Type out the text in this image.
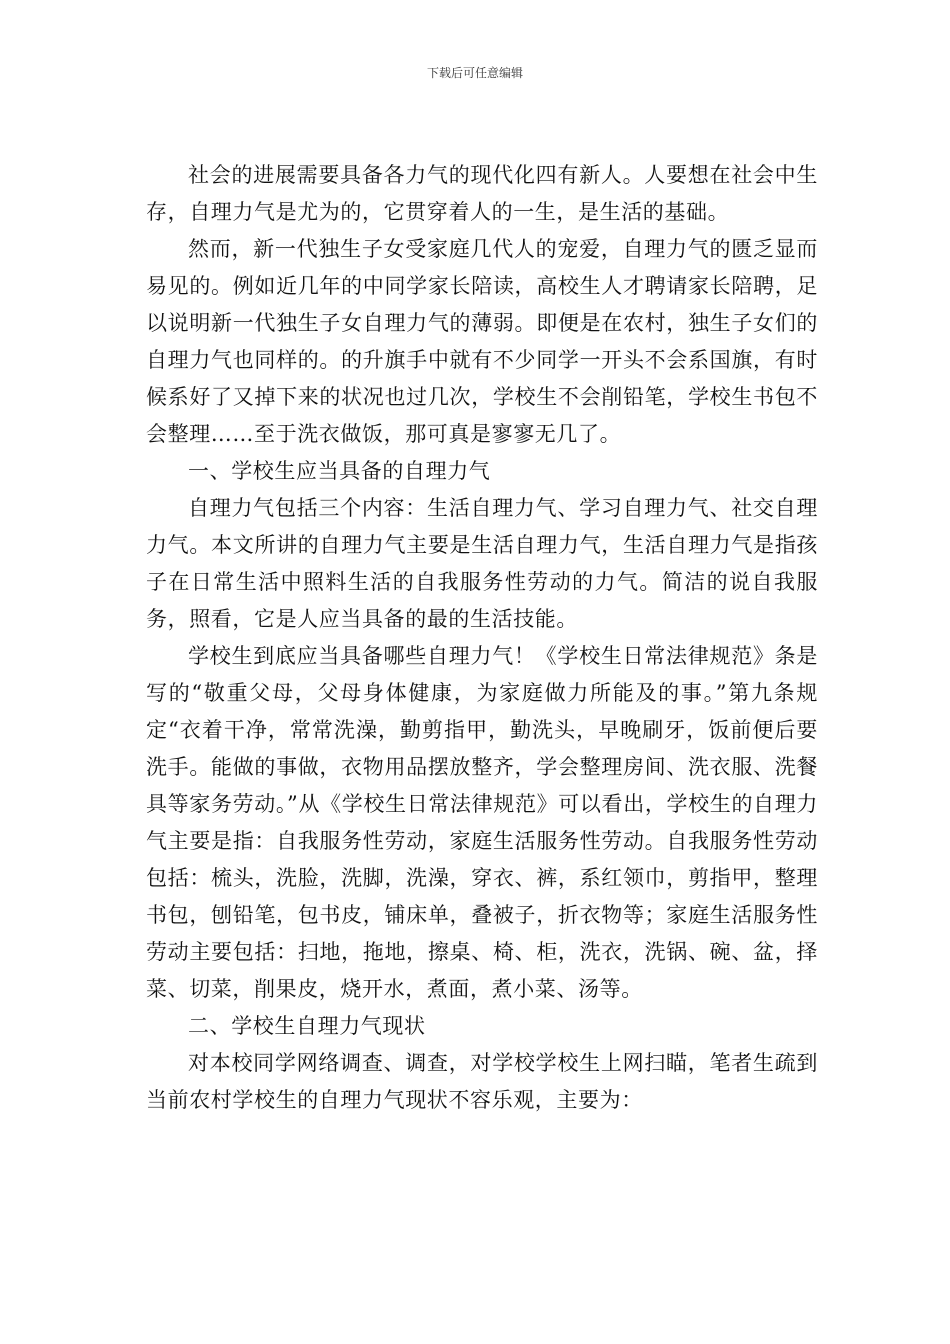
下载后可任意编辑

社会的进展需要具备各力气的现代化四有新人。人要想在社会中生存，自理力气是尤为的，它贯穿着人的一生，是生活的基础。

然而，新一代独生子女受家庭几代人的宠爱，自理力气的匮乏显而易见的。例如近几年的中同学家长陪读，高校生人才聘请家长陪聘，足以说明新一代独生子女自理力气的薄弱。即便是在农村，独生子女们的自理力气也同样的。的升旗手中就有不少同学一开头不会系国旗，有时候系好了又掉下来的状况也过几次，学校生不会削铅笔，学校生书包不会整理……至于洗衣做饭，那可真是寥寥无几了。

一、学校生应当具备的自理力气

自理力气包括三个内容：生活自理力气、学习自理力气、社交自理力气。本文所讲的自理力气主要是生活自理力气，生活自理力气是指孩子在日常生活中照料生活的自我服务性劳动的力气。简洁的说自我服务，照看，它是人应当具备的最的生活技能。

学校生到底应当具备哪些自理力气！《学校生日常法律规范》条是写的“敬重父母，父母身体健康，为家庭做力所能及的事。”第九条规定“衣着干净，常常洗澡，勤剪指甲，勤洗头，早晚刷牙，饭前便后要洗手。能做的事做，衣物用品摆放整齐，学会整理房间、洗衣服、洗餐具等家务劳动。”从《学校生日常法律规范》可以看出，学校生的自理力气主要是指：自我服务性劳动，家庭生活服务性劳动。自我服务性劳动包括：梳头，洗脸，洗脚，洗澡，穿衣、裤，系红领巾，剪指甲，整理书包，刨铅笔，包书皮，铺床单，叠被子，折衣物等；家庭生活服务性劳动主要包括：扫地，拖地，擦桌、椅、柜，洗衣，洗锅、碗、盆，择菜、切菜，削果皮，烧开水，煮面，煮小菜、汤等。

二、学校生自理力气现状

对本校同学网络调查、调查，对学校学校生上网扫瞄，笔者生疏到当前农村学校生的自理力气现状不容乐观，主要为：
